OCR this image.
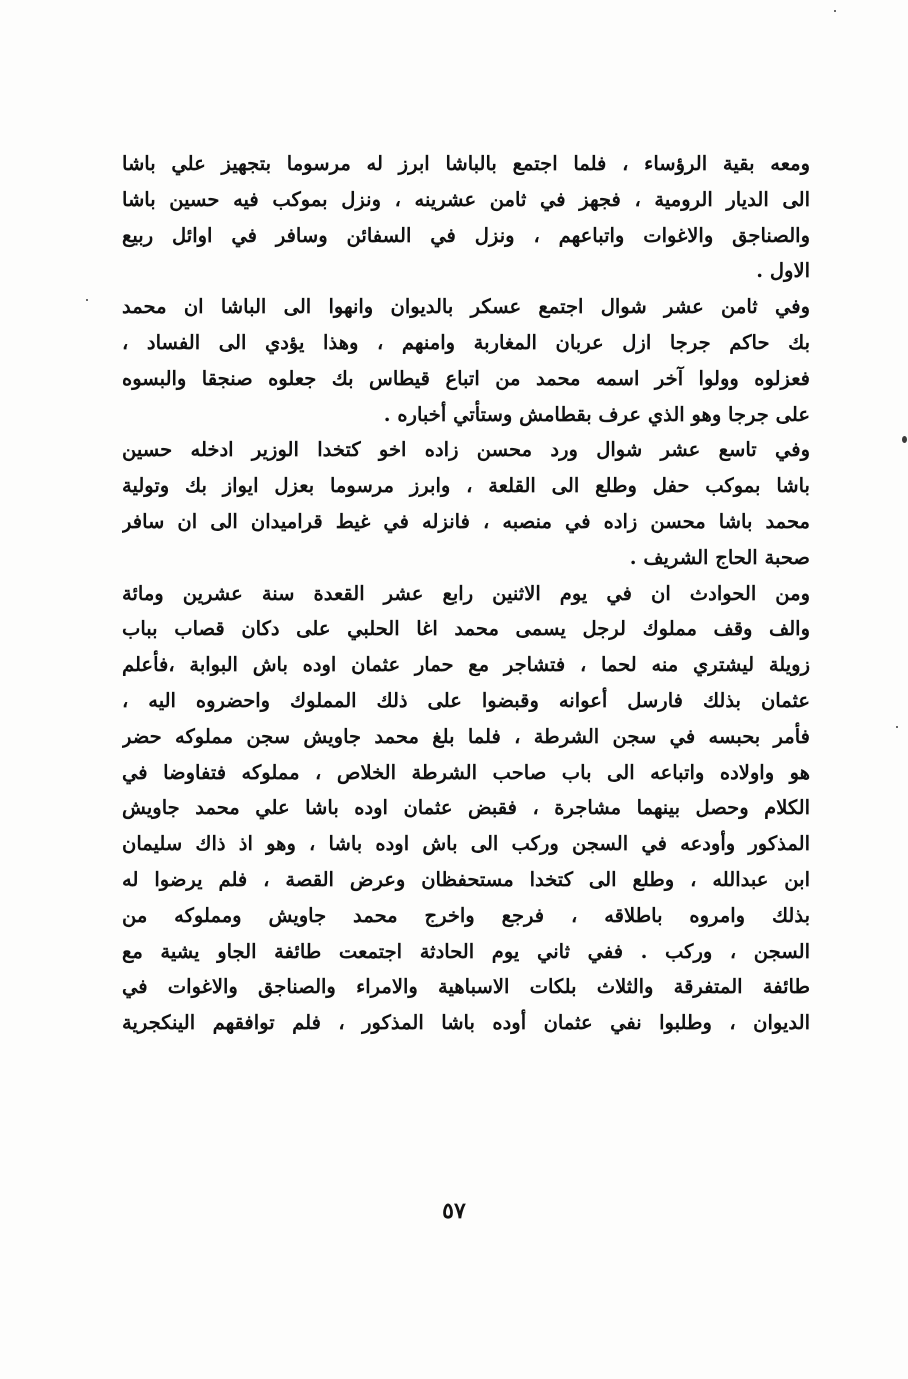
ومعه بقية الرؤساء ، فلما اجتمع بالباشا ابرز له مرسوما بتجهيز علي باشا
الى الديار الرومية ، فجهز في ثامن عشرينه ، ونزل بموكب فيه حسين باشا
والصناجق والاغوات واتباعهم ، ونزل في السفائن وسافر في اوائل ربيع
الاول .
وفي ثامن عشر شوال اجتمع عسكر بالديوان وانهوا الى الباشا ان محمد
بك حاكم جرجا ازل عربان المغاربة وامنهم ، وهذا يؤدي الى الفساد ،
فعزلوه وولوا آخر اسمه محمد من اتباع قيطاس بك جعلوه صنجقا والبسوه
على جرجا وهو الذي عرف بقطامش وستأتي أخباره .
وفي تاسع عشر شوال ورد محسن زاده اخو كتخدا الوزير ادخله حسين
باشا بموكب حفل وطلع الى القلعة ، وابرز مرسوما بعزل ايواز بك وتولية
محمد باشا محسن زاده في منصبه ، فانزله في غيط قراميدان الى ان سافر
صحبة الحاج الشريف .
ومن الحوادث ان في يوم الاثنين رابع عشر القعدة سنة عشرين ومائة
والف وقف مملوك لرجل يسمى محمد اغا الحلبي على دكان قصاب بباب
زويلة ليشتري منه لحما ، فتشاجر مع حمار عثمان اوده باش البوابة ،فأعلم
عثمان بذلك فارسل أعوانه وقبضوا على ذلك المملوك واحضروه اليه ،
فأمر بحبسه في سجن الشرطة ، فلما بلغ محمد جاويش سجن مملوكه حضر
هو واولاده واتباعه الى باب صاحب الشرطة الخلاص ، مملوكه فتفاوضا في
الكلام وحصل بينهما مشاجرة ، فقبض عثمان اوده باشا علي محمد جاويش
المذكور وأودعه في السجن وركب الى باش اوده باشا ، وهو اذ ذاك سليمان
ابن عبدالله ، وطلع الى كتخدا مستحفظان وعرض القصة ، فلم يرضوا له
بذلك وامروه باطلاقه ، فرجع واخرج محمد جاويش ومملوكه من
السجن ، وركب . ففي ثاني يوم الحادثة اجتمعت طائفة الجاو يشية مع
طائفة المتفرقة والثلاث بلكات الاسباهية والامراء والصناجق والاغوات في
الديوان ، وطلبوا نفي عثمان أوده باشا المذكور ، فلم توافقهم الينكجرية
٥٧
